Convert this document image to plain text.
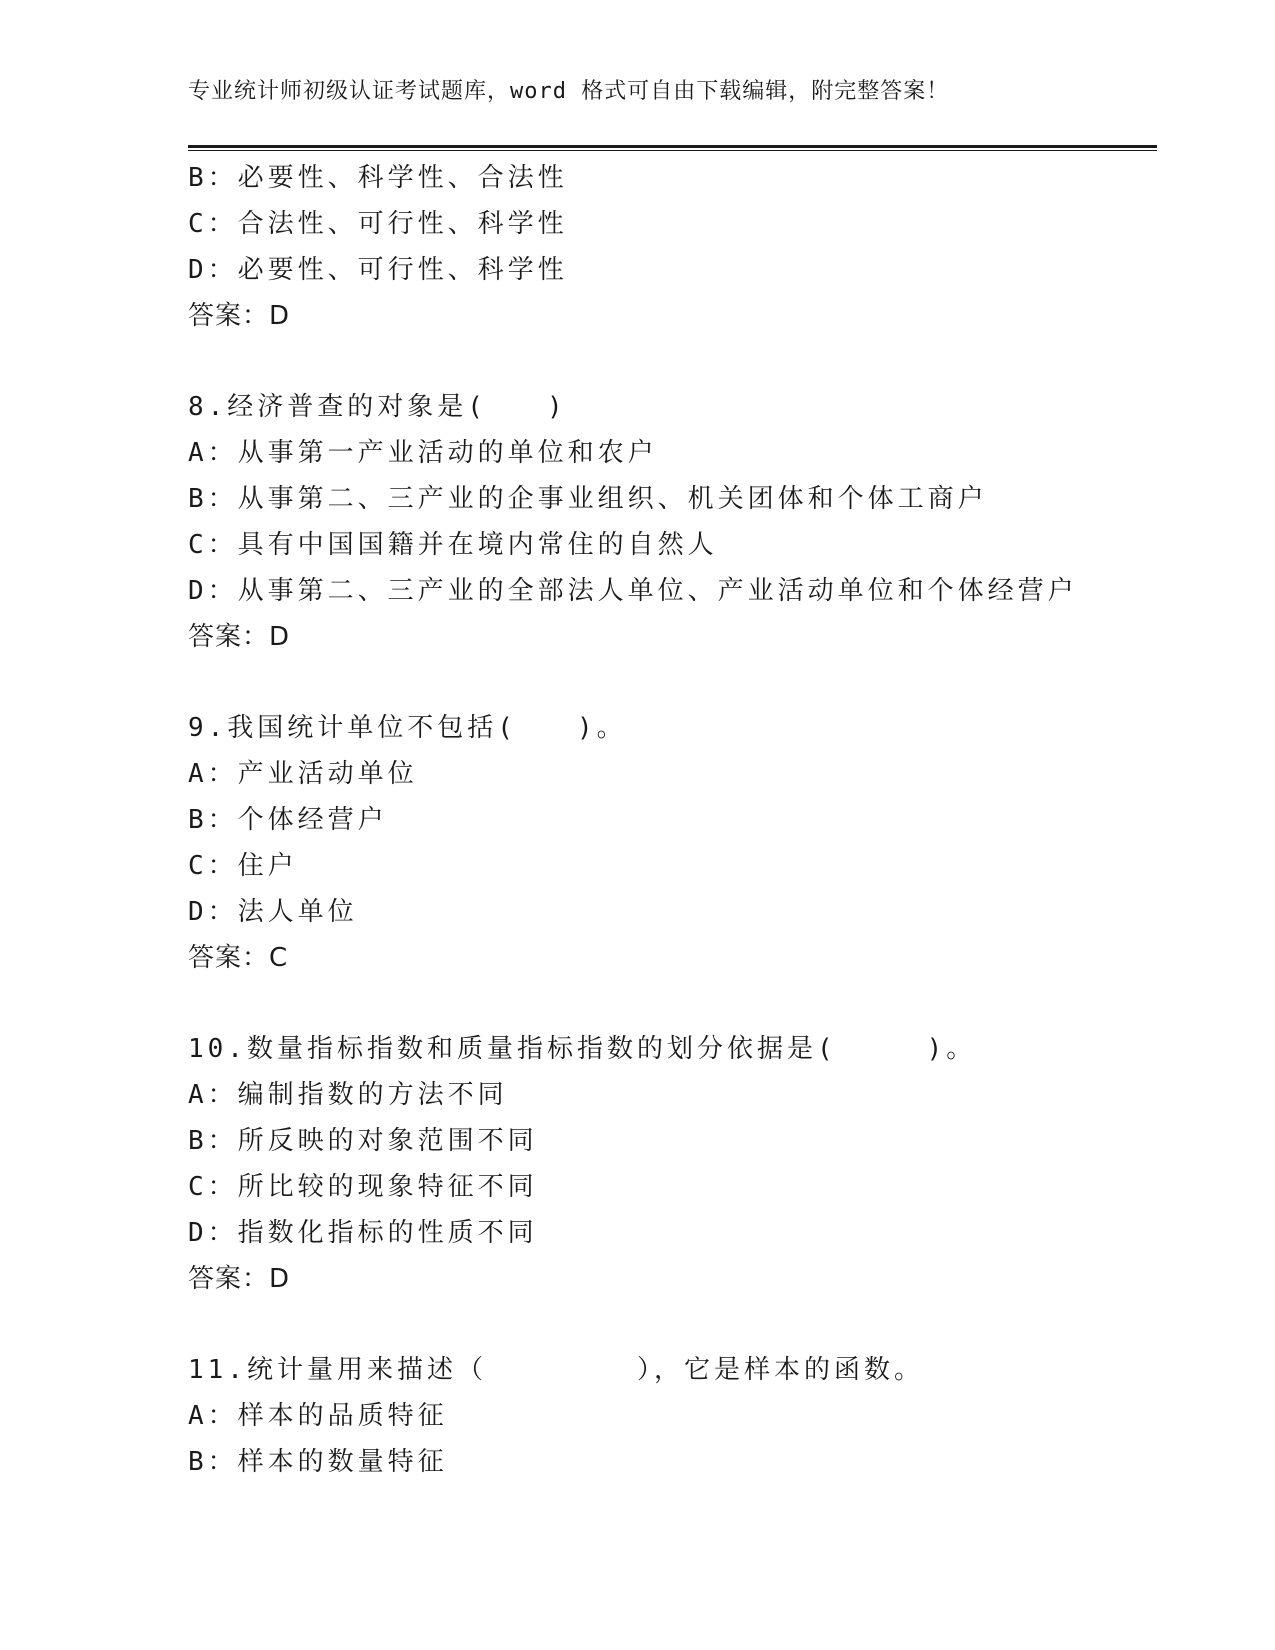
专业统计师初级认证考试题库，word 格式可自由下载编辑，附完整答案！
B：必要性、科学性、合法性
C：合法性、可行性、科学性
D：必要性、可行性、科学性
答案：D
8.经济普查的对象是(　　)
A：从事第一产业活动的单位和农户
B：从事第二、三产业的企事业组织、机关团体和个体工商户
C：具有中国国籍并在境内常住的自然人
D：从事第二、三产业的全部法人单位、产业活动单位和个体经营户
答案：D
9.我国统计单位不包括(　　)。
A：产业活动单位
B：个体经营户
C：住户
D：法人单位
答案：C
10.数量指标指数和质量指标指数的划分依据是(　　　)。
A：编制指数的方法不同
B：所反映的对象范围不同
C：所比较的现象特征不同
D：指数化指标的性质不同
答案：D
11.统计量用来描述（　　　　　），它是样本的函数。
A：样本的品质特征
B：样本的数量特征
